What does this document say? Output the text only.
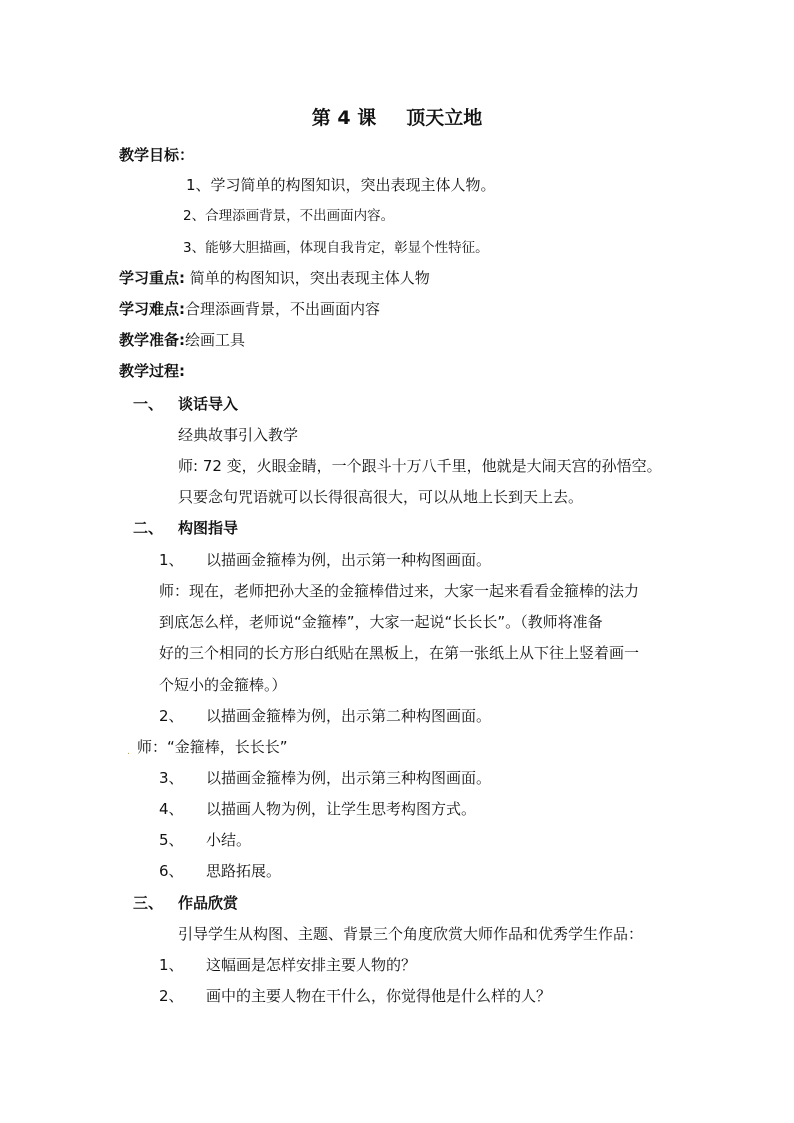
第 4 课 顶天立地
教学目标：
1、学习简单的构图知识，突出表现主体人物。
2、合理添画背景，不出画面内容。
3、能够大胆描画，体现自我肯定，彰显个性特征。
学习重点: 简单的构图知识，突出表现主体人物
学习难点:合理添画背景，不出画面内容
教学准备:绘画工具
教学过程:
一、 谈话导入
经典故事引入教学
师: 72 变，火眼金睛，一个跟斗十万八千里，他就是大闹天宫的孙悟空。
只要念句咒语就可以长得很高很大，可以从地上长到天上去。
二、 构图指导
1、 以描画金箍棒为例，出示第一种构图画面。
师：现在，老师把孙大圣的金箍棒借过来，大家一起来看看金箍棒的法力
到底怎么样，老师说“金箍棒”，大家一起说“长长长”。（教师将准备
好的三个相同的长方形白纸贴在黑板上，在第一张纸上从下往上竖着画一
个短小的金箍棒。）
2、 以描画金箍棒为例，出示第二种构图画面。
. 师：“金箍棒，长长长”
3、 以描画金箍棒为例，出示第三种构图画面。
4、 以描画人物为例，让学生思考构图方式。
5、 小结。
6、 思路拓展。
三、 作品欣赏
引导学生从构图、主题、背景三个角度欣赏大师作品和优秀学生作品：
1、 这幅画是怎样安排主要人物的？
2、 画中的主要人物在干什么，你觉得他是什么样的人？
